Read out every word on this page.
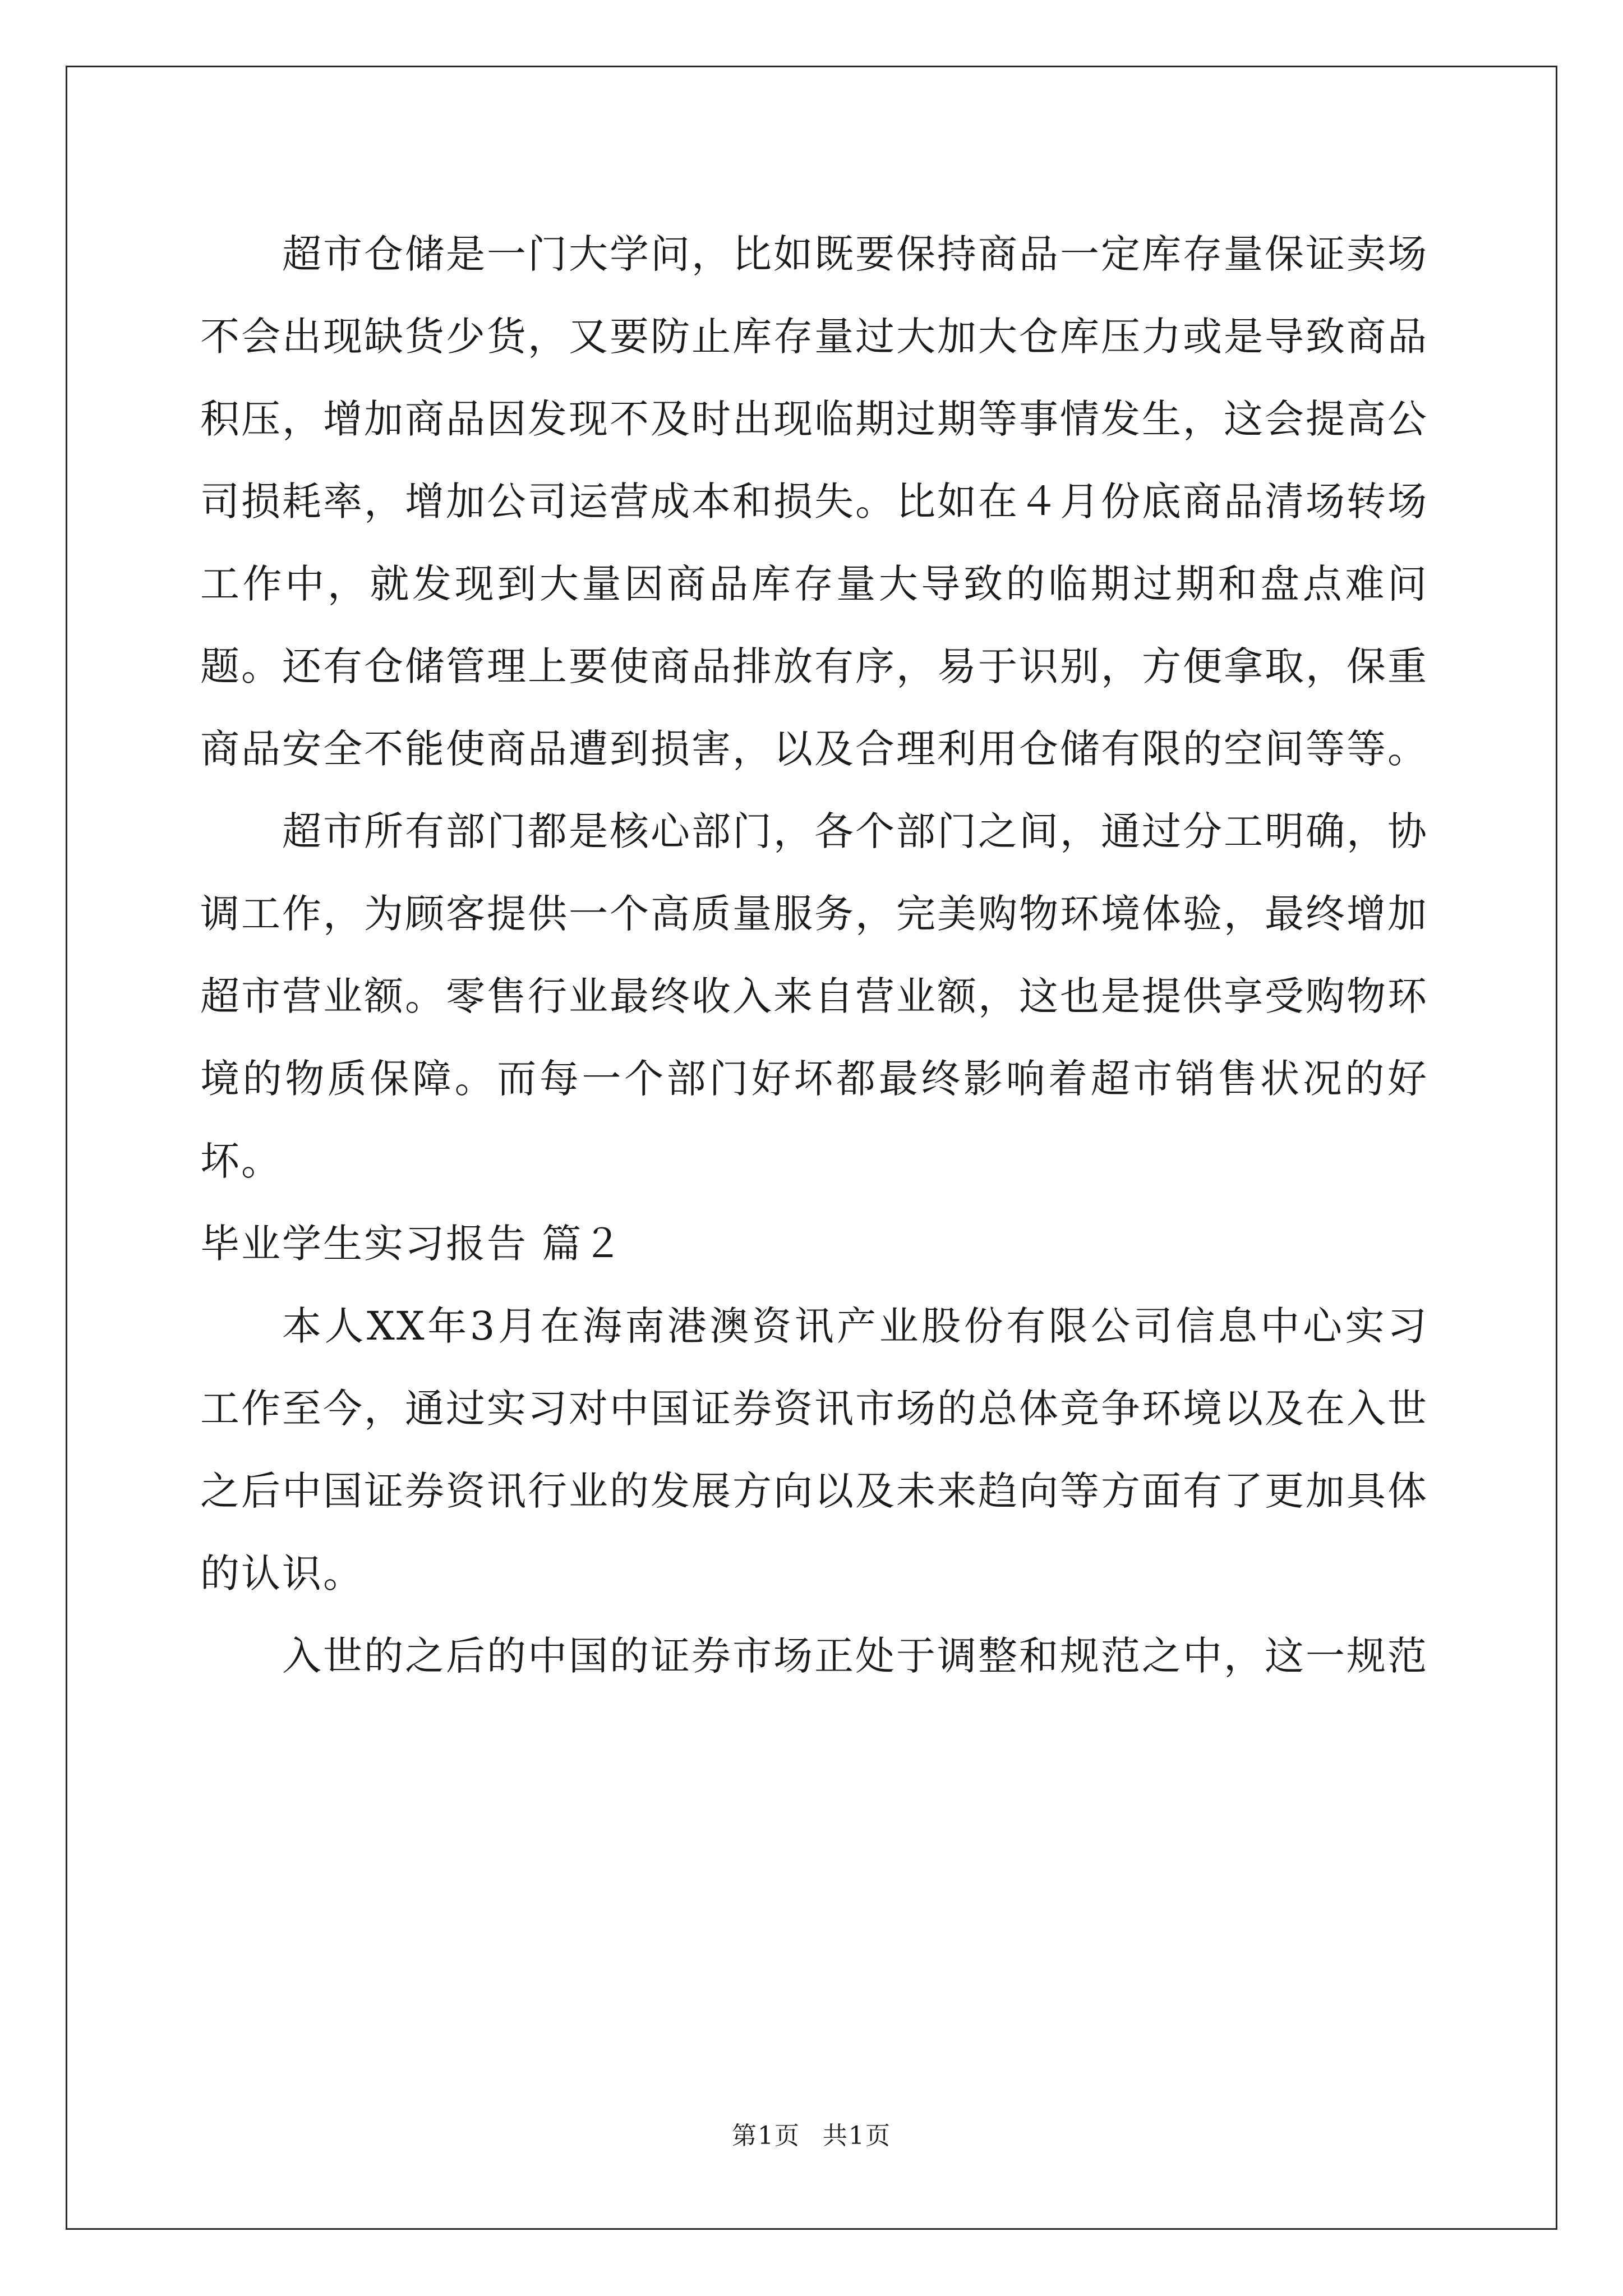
超市仓储是一门大学问，比如既要保持商品一定库存量保证卖场不会出现缺货少货，又要防止库存量过大加大仓库压力或是导致商品积压，增加商品因发现不及时出现临期过期等事情发生，这会提高公司损耗率，增加公司运营成本和损失。比如在４月份底商品清场转场工作中，就发现到大量因商品库存量大导致的临期过期和盘点难问题。还有仓储管理上要使商品排放有序，易于识别，方便拿取，保重商品安全不能使商品遭到损害，以及合理利用仓储有限的空间等等。

超市所有部门都是核心部门，各个部门之间，通过分工明确，协调工作，为顾客提供一个高质量服务，完美购物环境体验，最终增加超市营业额。零售行业最终收入来自营业额，这也是提供享受购物环境的物质保障。而每一个部门好坏都最终影响着超市销售状况的好坏。

毕业学生实习报告 篇２

本人XX年3月在海南港澳资讯产业股份有限公司信息中心实习工作至今，通过实习对中国证券资讯市场的总体竞争环境以及在入世之后中国证券资讯行业的发展方向以及未来趋向等方面有了更加具体的认识。

入世的之后的中国的证券市场正处于调整和规范之中，这一规范

第1页 共1页
